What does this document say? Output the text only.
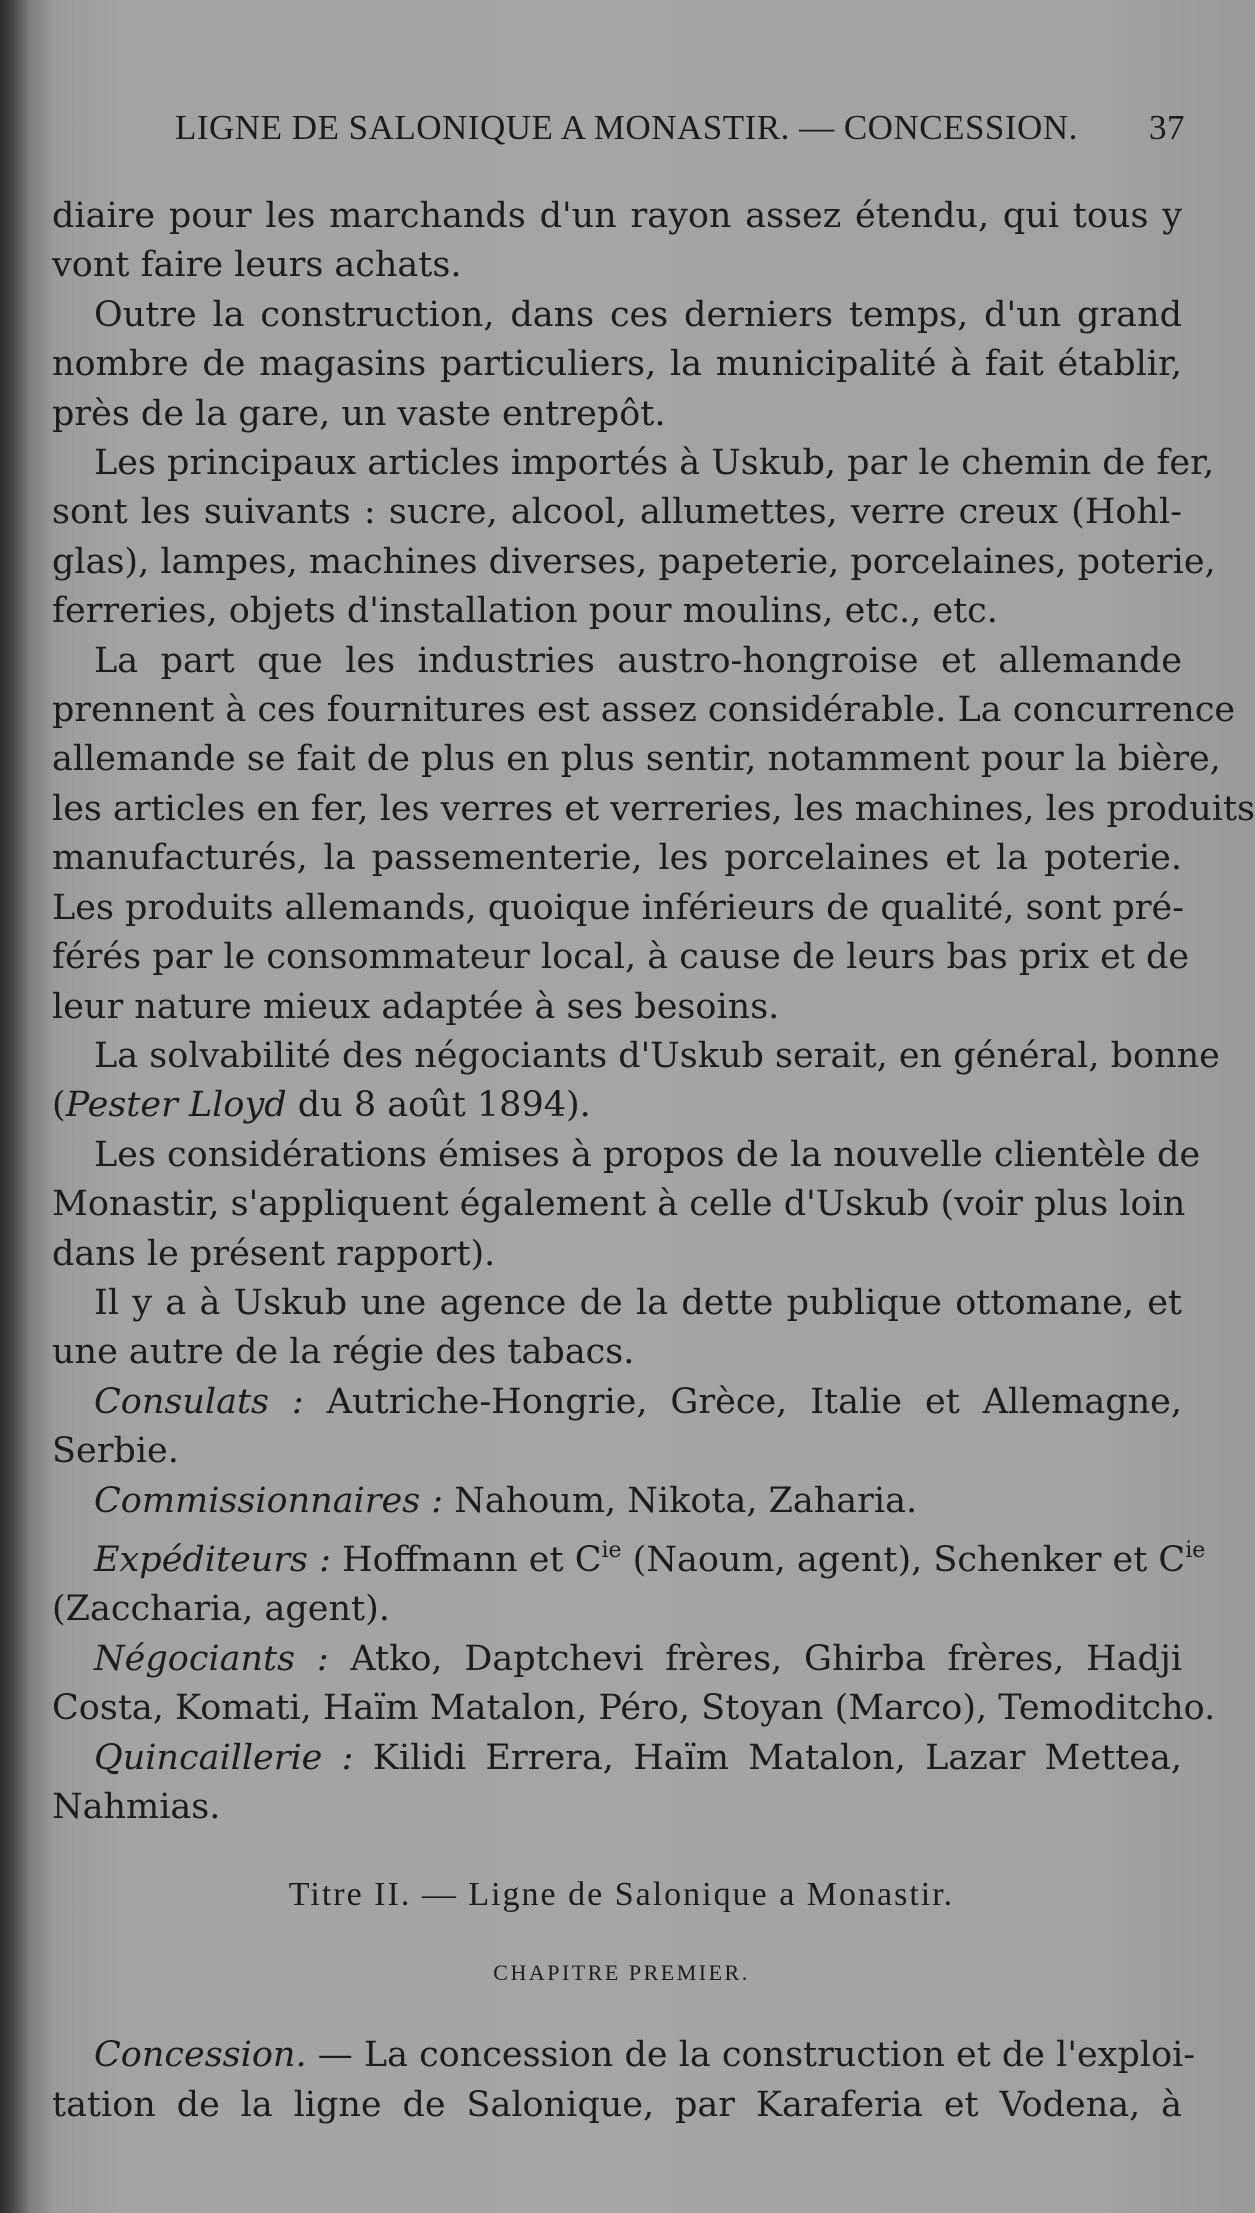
LIGNE DE SALONIQUE A MONASTIR. — CONCESSION. 37
diaire pour les marchands d'un rayon assez étendu, qui tous y
vont faire leurs achats.
Outre la construction, dans ces derniers temps, d'un grand
nombre de magasins particuliers, la municipalité à fait établir,
près de la gare, un vaste entrepôt.
Les principaux articles importés à Uskub, par le chemin de fer,
sont les suivants : sucre, alcool, allumettes, verre creux (Hohl-
glas), lampes, machines diverses, papeterie, porcelaines, poterie,
ferreries, objets d'installation pour moulins, etc., etc.
La part que les industries austro-hongroise et allemande
prennent à ces fournitures est assez considérable. La concurrence
allemande se fait de plus en plus sentir, notamment pour la bière,
les articles en fer, les verres et verreries, les machines, les produits
manufacturés, la passementerie, les porcelaines et la poterie.
Les produits allemands, quoique inférieurs de qualité, sont pré-
férés par le consommateur local, à cause de leurs bas prix et de
leur nature mieux adaptée à ses besoins.
La solvabilité des négociants d'Uskub serait, en général, bonne
(Pester Lloyd du 8 août 1894).
Les considérations émises à propos de la nouvelle clientèle de
Monastir, s'appliquent également à celle d'Uskub (voir plus loin
dans le présent rapport).
Il y a à Uskub une agence de la dette publique ottomane, et
une autre de la régie des tabacs.
Consulats : Autriche-Hongrie, Grèce, Italie et Allemagne,
Serbie.
Commissionnaires : Nahoum, Nikota, Zaharia.
Expéditeurs : Hoffmann et $C^{ie}$ (Naoum, agent), Schenker et $C^{ie}$
(Zaccharia, agent).
Négociants : Atko, Daptchevi frères, Ghirba frères, Hadji
Costa, Komati, Haïm Matalon, Péro, Stoyan (Marco), Temoditcho.
Quincaillerie : Kilidi Errera, Haïm Matalon, Lazar Mettea,
Nahmias.
Titre II. — Ligne de Salonique a Monastir.
CHAPITRE PREMIER.
Concession. — La concession de la construction et de l'exploi-
tation de la ligne de Salonique, par Karaferia et Vodena, à
